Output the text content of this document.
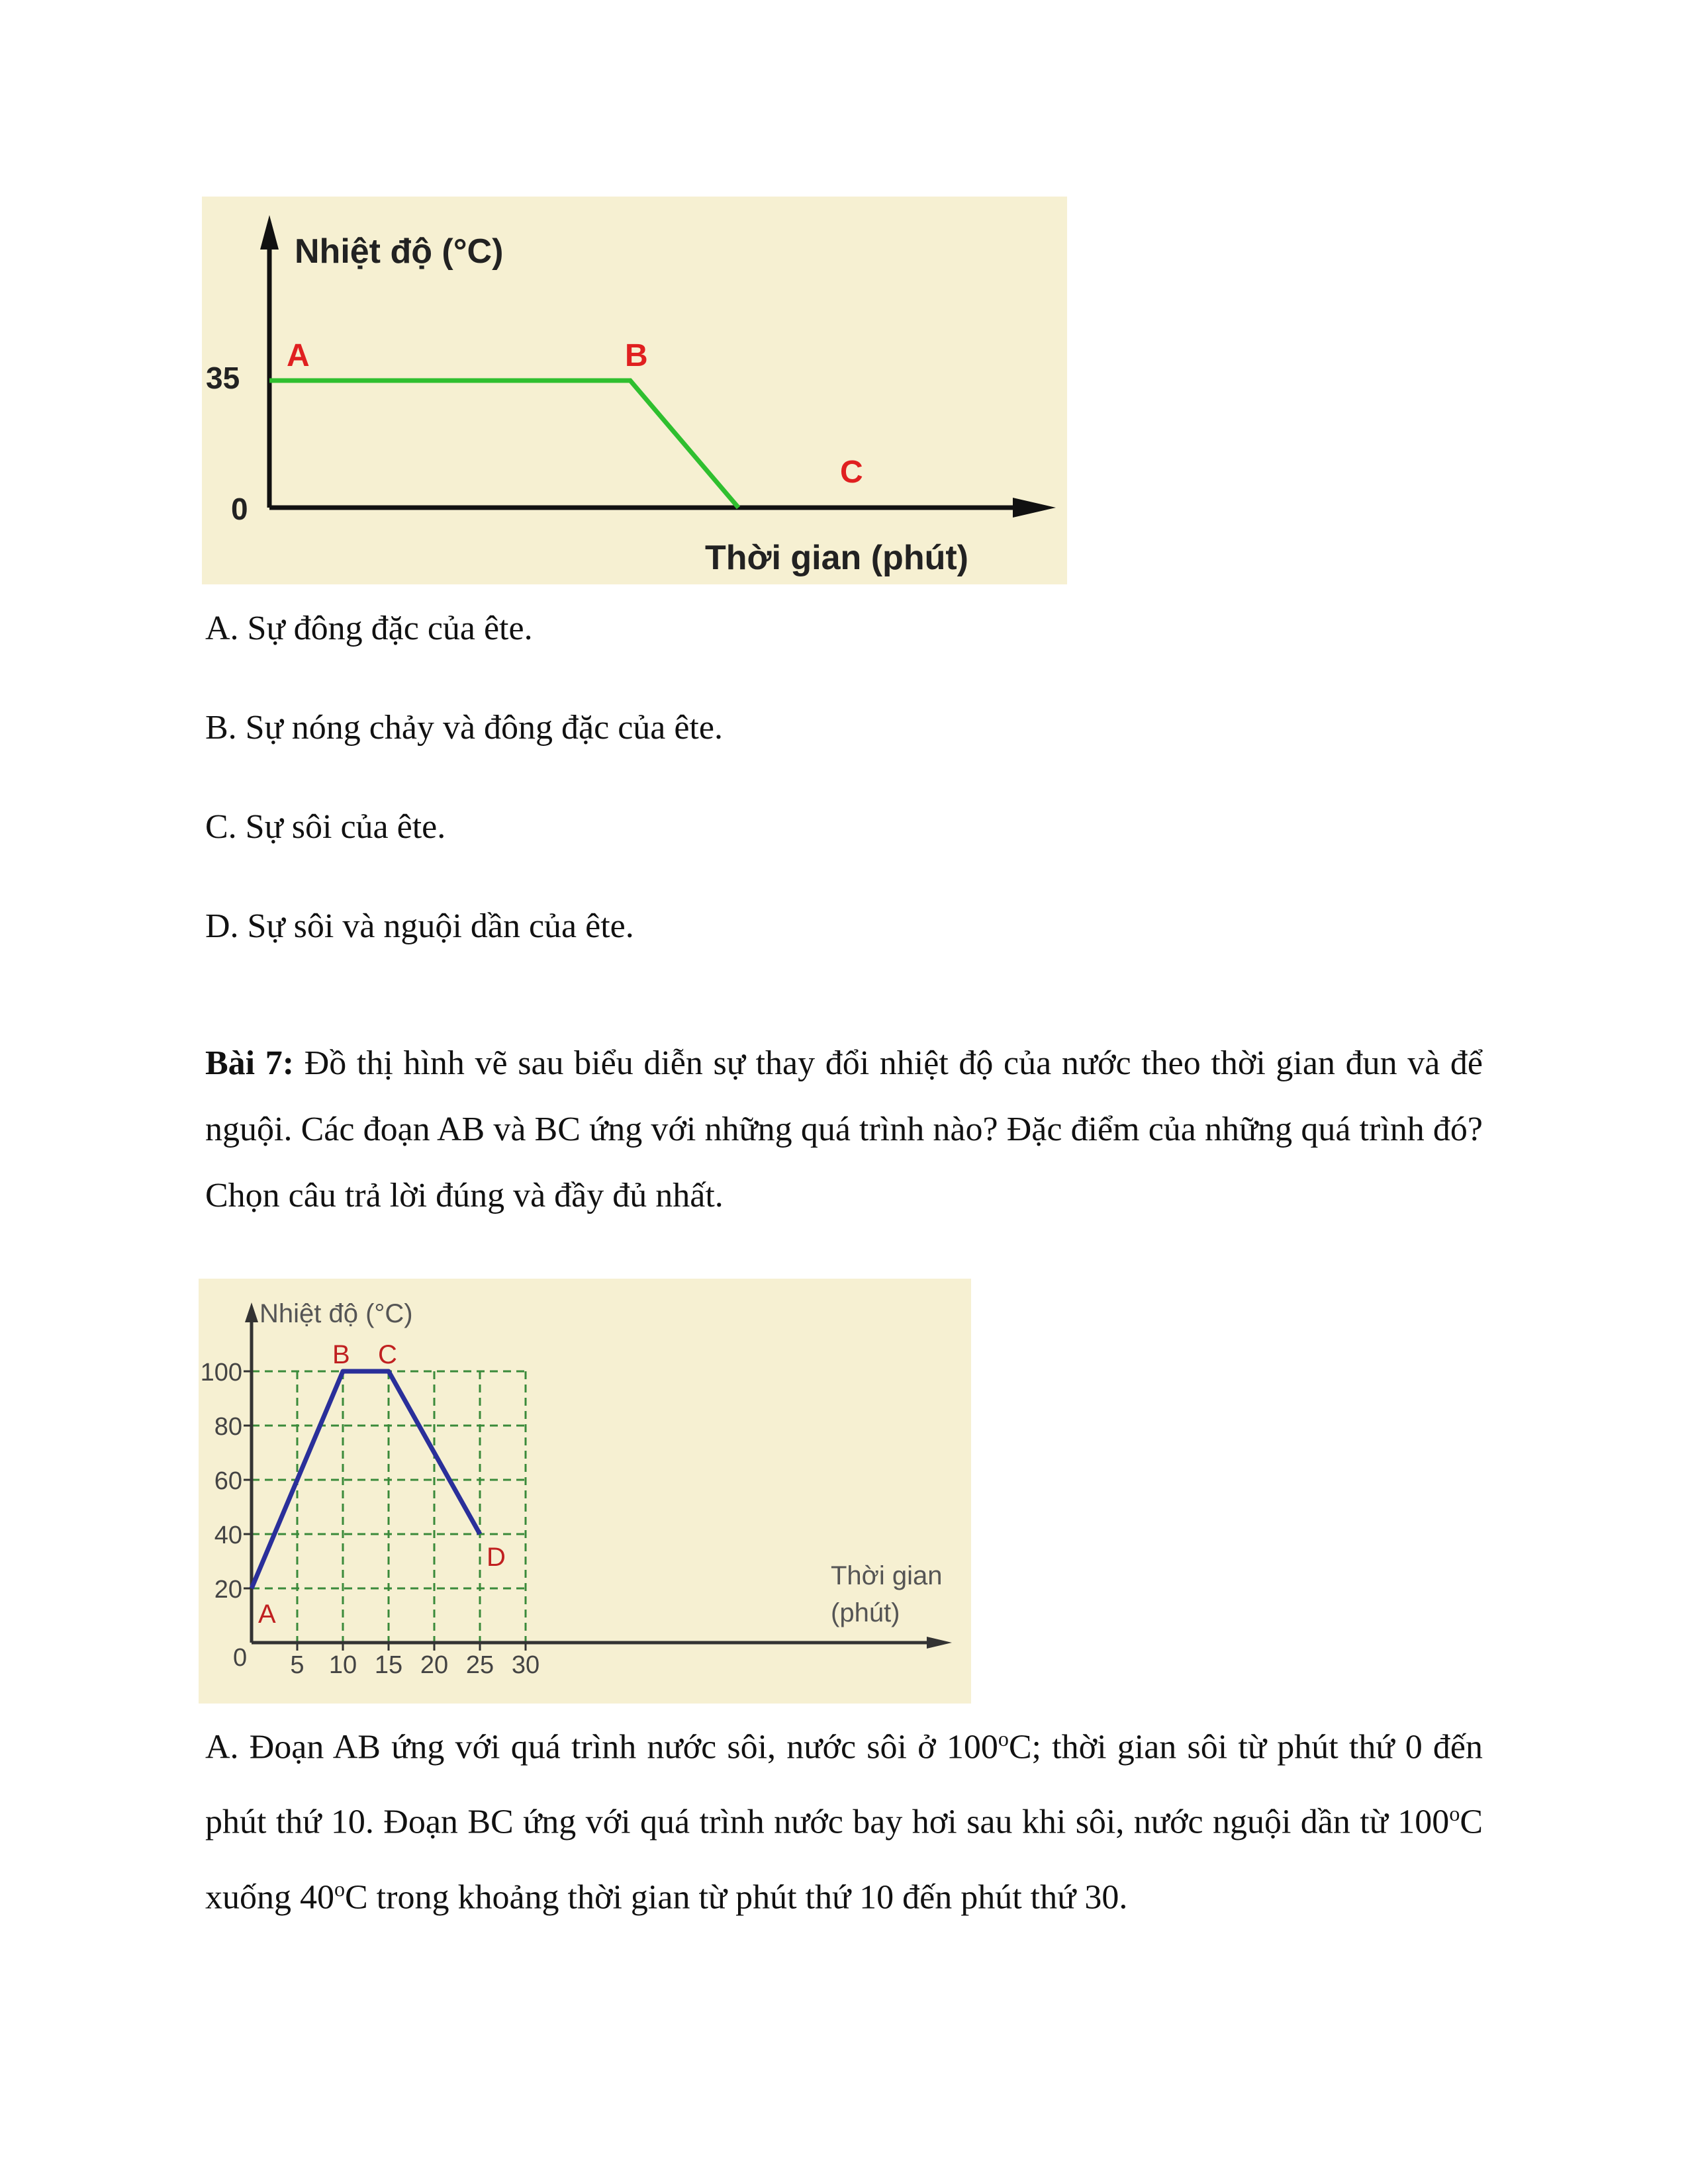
Nhiệt độ (°C)
35
0
Thời gian (phút)
A	B
C
A. Sự đông đặc của ête.
B. Sự nóng chảy và đông đặc của ête.
C. Sự sôi của ête.
D. Sự sôi và nguội dần của ête.
Bài 7: Đồ thị hình vẽ sau biểu diễn sự thay đổi nhiệt độ của nước theo thời gian đun và để nguội. Các đoạn AB và BC ứng với những quá trình nào? Đặc điểm của những quá trình đó? Chọn câu trả lời đúng và đầy đủ nhất.
Nhiệt độ (°C)
Thời gian (phút)
0 5 10 15 20 25 30
20
40
60
80
100
A
B C
D
A. Đoạn AB ứng với quá trình nước sôi, nước sôi ở 100$^o$C; thời gian sôi từ phút thứ 0 đến phút thứ 10. Đoạn BC ứng với quá trình nước bay hơi sau khi sôi, nước nguội dần từ 100$^o$C xuống 40$^o$C trong khoảng thời gian từ phút thứ 10 đến phút thứ 30.
